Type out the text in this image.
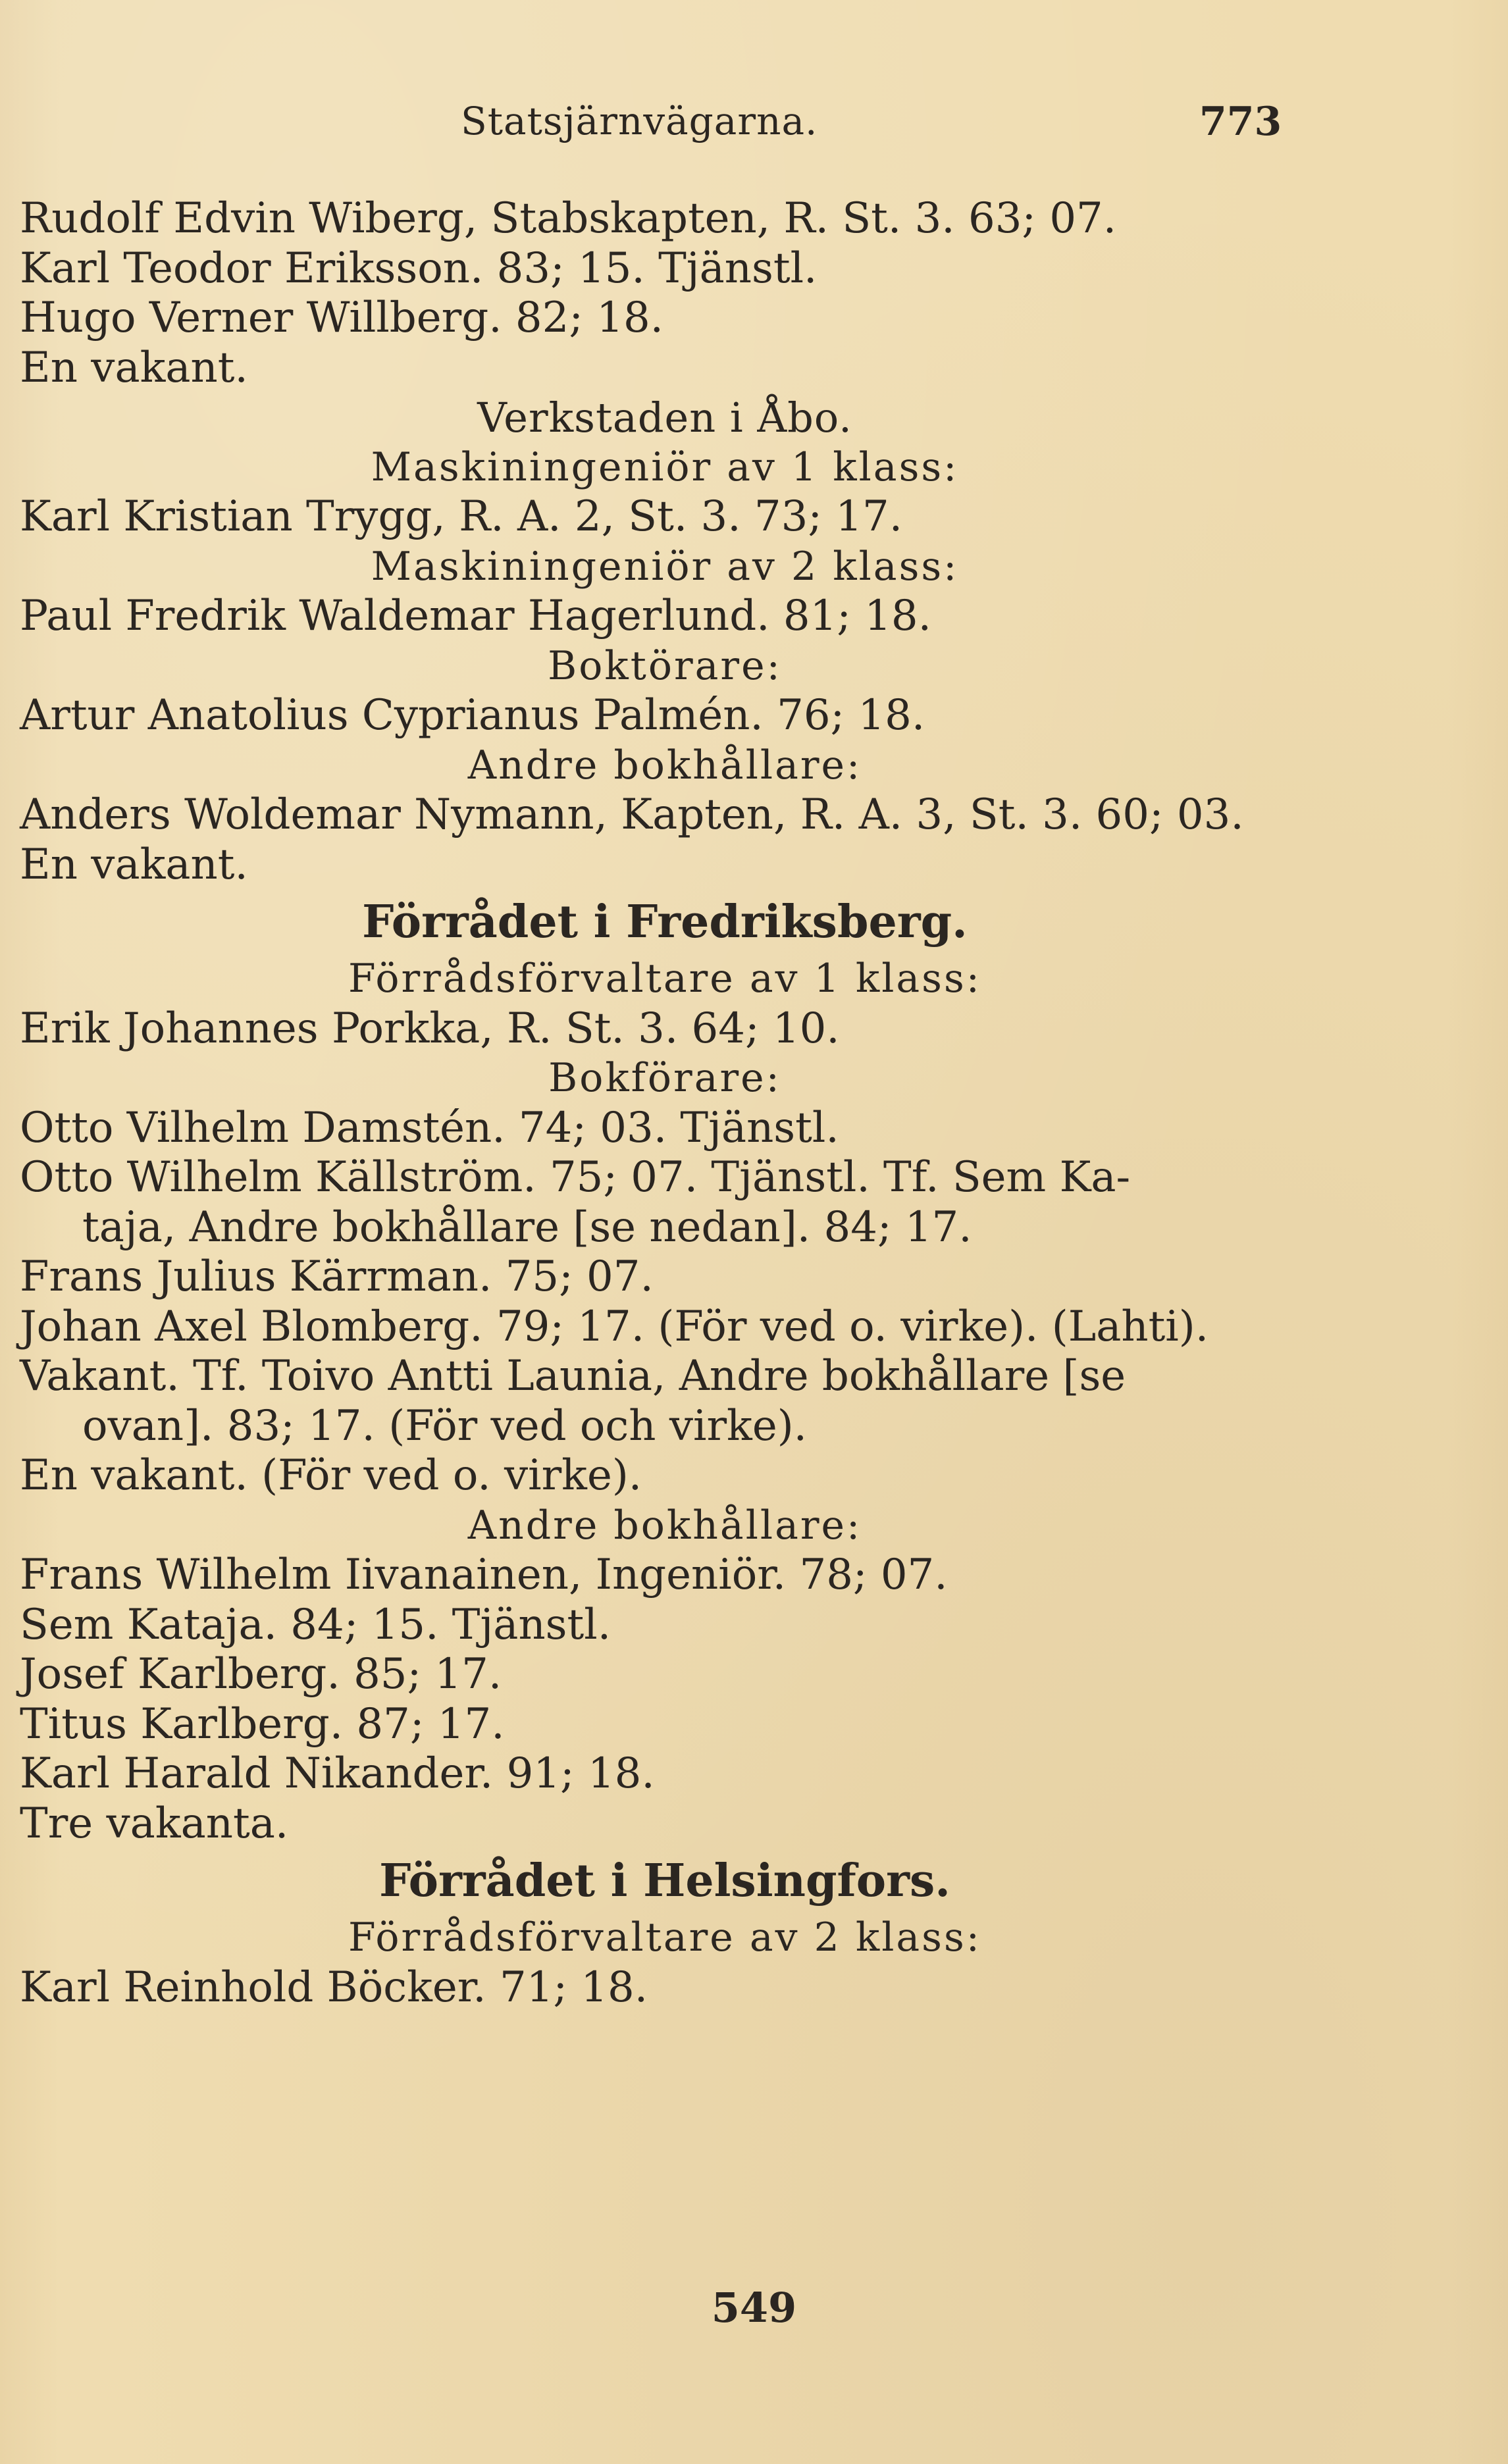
Statsjärnvägarna.	773
Rudolf Edvin Wiberg, Stabskapten, R. St. 3. 63; 07.
Karl Teodor Eriksson. 83; 15. Tjänstl.
Hugo Verner Willberg. 82; 18.
En vakant.
Verkstaden i Åbo.
Maskiningeniör av 1 klass:
Karl Kristian Trygg, R. A. 2, St. 3. 73; 17.
Maskiningeniör av 2 klass:
Paul Fredrik Waldemar Hagerlund. 81; 18.
Boktörare:
Artur Anatolius Cyprianus Palmén. 76; 18.
Andre bokhållare:
Anders Woldemar Nymann, Kapten, R. A. 3, St. 3. 60; 03.
En vakant.
Förrådet i Fredriksberg.
Förrådsförvaltare av 1 klass:
Erik Johannes Porkka, R. St. 3. 64; 10.
Bokförare:
Otto Vilhelm Damstén. 74; 03. Tjänstl.
Otto Wilhelm Källström. 75; 07. Tjänstl. Tf. Sem Ka-
taja, Andre bokhållare [se nedan]. 84; 17.
Frans Julius Kärrman. 75; 07.
Johan Axel Blomberg. 79; 17. (För ved o. virke). (Lahti).
Vakant. Tf. Toivo Antti Launia, Andre bokhållare [se
ovan]. 83; 17. (För ved och virke).
En vakant. (För ved o. virke).
Andre bokhållare:
Frans Wilhelm Iivanainen, Ingeniör. 78; 07.
Sem Kataja. 84; 15. Tjänstl.
Josef Karlberg. 85; 17.
Titus Karlberg. 87; 17.
Karl Harald Nikander. 91; 18.
Tre vakanta.
Förrådet i Helsingfors.
Förrådsförvaltare av 2 klass:
Karl Reinhold Böcker. 71; 18.
549
